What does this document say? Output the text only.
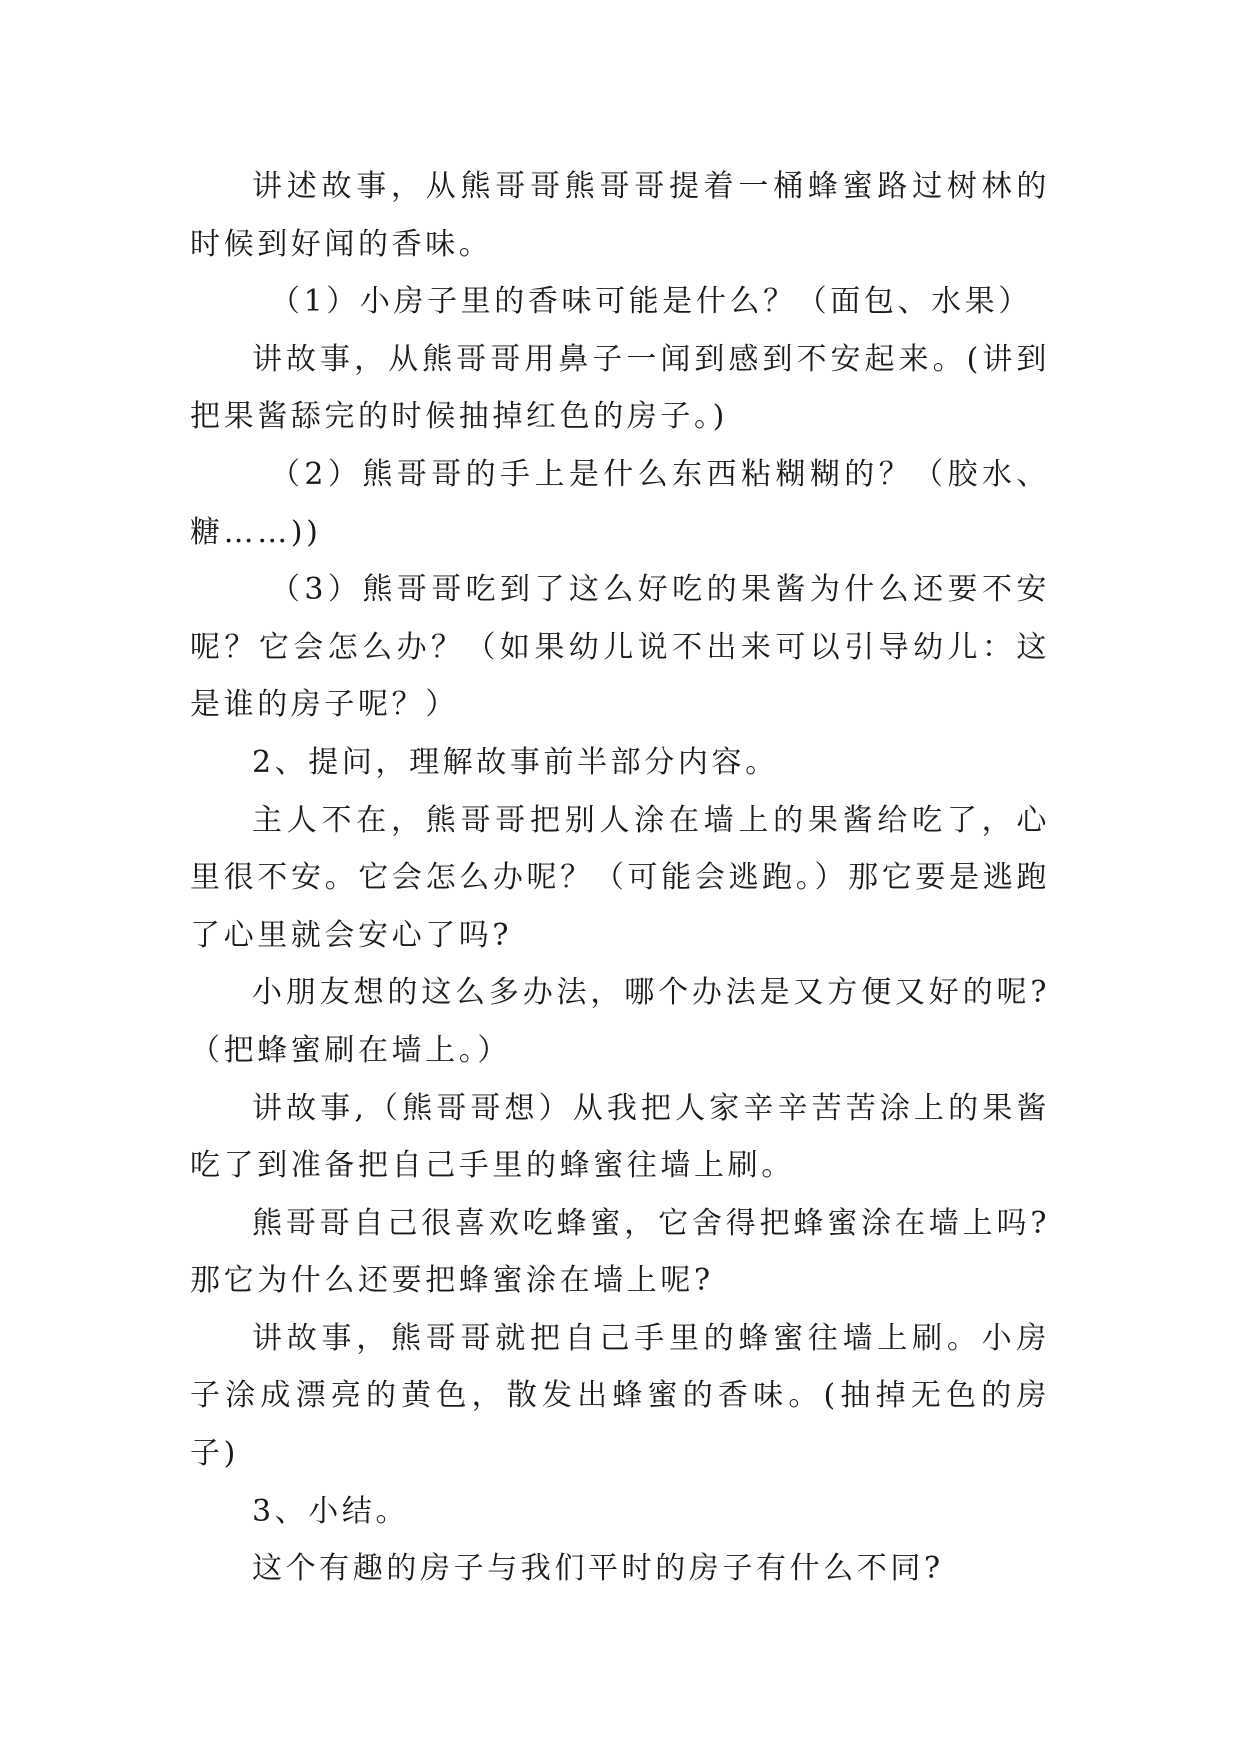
讲述故事，从熊哥哥熊哥哥提着一桶蜂蜜路过树林的时候到好闻的香味。

（1）小房子里的香味可能是什么？（面包、水果）

讲故事，从熊哥哥用鼻子一闻到感到不安起来。(讲到把果酱舔完的时候抽掉红色的房子。)

（2）熊哥哥的手上是什么东西粘糊糊的？（胶水、糖……))

（3）熊哥哥吃到了这么好吃的果酱为什么还要不安呢？它会怎么办？（如果幼儿说不出来可以引导幼儿：这是谁的房子呢？）

2、提问，理解故事前半部分内容。

主人不在，熊哥哥把别人涂在墙上的果酱给吃了，心里很不安。它会怎么办呢？（可能会逃跑。）那它要是逃跑了心里就会安心了吗?

小朋友想的这么多办法，哪个办法是又方便又好的呢?（把蜂蜜刷在墙上。）

讲故事,（熊哥哥想）从我把人家辛辛苦苦涂上的果酱吃了到准备把自己手里的蜂蜜往墙上刷。

熊哥哥自己很喜欢吃蜂蜜，它舍得把蜂蜜涂在墙上吗?那它为什么还要把蜂蜜涂在墙上呢?

讲故事，熊哥哥就把自己手里的蜂蜜往墙上刷。小房子涂成漂亮的黄色，散发出蜂蜜的香味。(抽掉无色的房子)

3、小结。

这个有趣的房子与我们平时的房子有什么不同?
